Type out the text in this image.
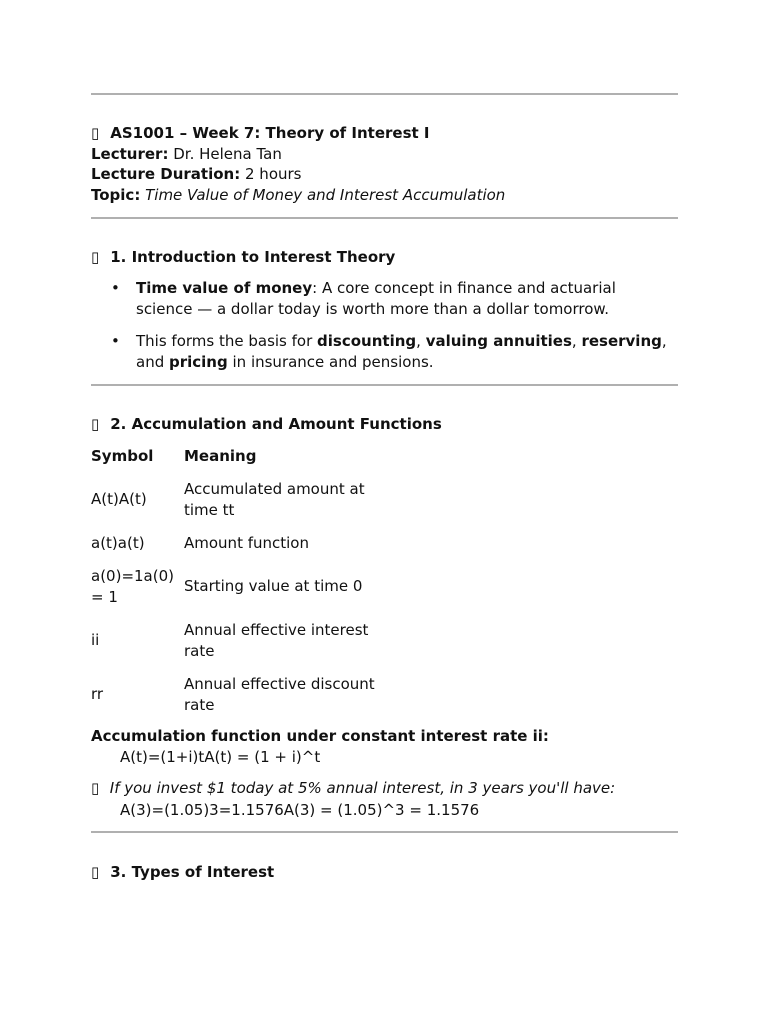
▯ AS1001 – Week 7: Theory of Interest I
Lecturer: Dr. Helena Tan
Lecture Duration: 2 hours
Topic: Time Value of Money and Interest Accumulation
▯ 1. Introduction to Interest Theory
• Time value of money: A core concept in finance and actuarial science — a dollar today is worth more than a dollar tomorrow.
• This forms the basis for discounting, valuing annuities, reserving, and pricing in insurance and pensions.
▯ 2. Accumulation and Amount Functions
Symbol	Meaning
A(t)A(t)
Accumulated amount at time tt
a(t)a(t)	Amount function
a(0)=1a(0) = 1
Starting value at time 0
ii
Annual effective interest rate
rr
Annual effective discount rate
Accumulation function under constant interest rate ii:
A(t)=(1+i)tA(t) = (1 + i)^t
▯ If you invest $1 today at 5% annual interest, in 3 years you'll have:
A(3)=(1.05)3=1.1576A(3) = (1.05)^3 = 1.1576
▯ 3. Types of Interest
